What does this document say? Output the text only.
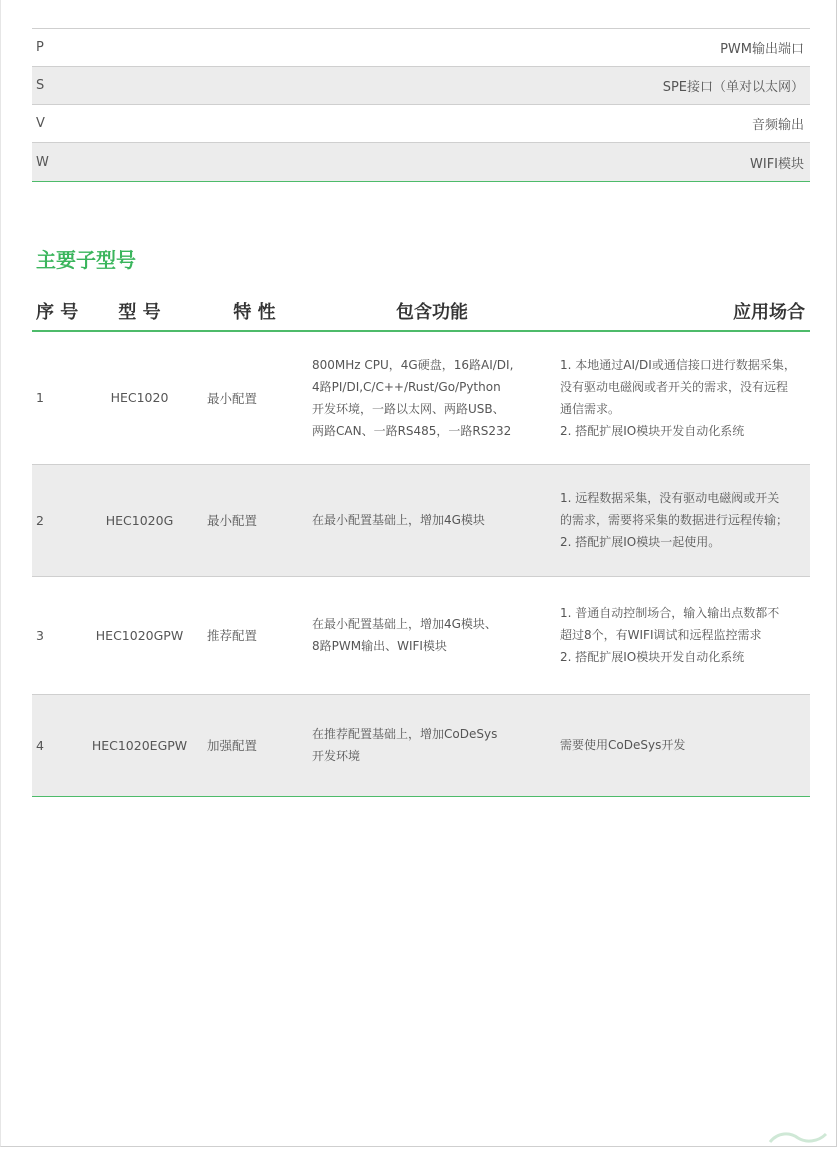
P	PWM输出端口
S	SPE接口（单对以太网）
V	音频输出
W	WIFI模块
主要子型号
序 号	型 号	特 性	包含功能	应用场合
1	HEC1020	最小配置	800MHz CPU，4G硬盘，16路AI/DI,
4路PI/DI,C/C++/Rust/Go/Python
开发环境，一路以太网、两路USB、
两路CAN、一路RS485，一路RS232	1. 本地通过AI/DI或通信接口进行数据采集，
没有驱动电磁阀或者开关的需求，没有远程
通信需求。
2. 搭配扩展IO模块开发自动化系统

2	HEC1020G	最小配置	在最小配置基础上，增加4G模块	1. 远程数据采集，没有驱动电磁阀或开关
的需求，需要将采集的数据进行远程传输；
2. 搭配扩展IO模块一起使用。

3	HEC1020GPW	推荐配置	在最小配置基础上，增加4G模块、
8路PWM输出、WIFI模块	1. 普通自动控制场合，输入输出点数都不
超过8个，有WIFI调试和远程监控需求
2. 搭配扩展IO模块开发自动化系统

4	HEC1020EGPW	加强配置	在推荐配置基础上，增加CoDeSys
开发环境	需要使用CoDeSys开发
